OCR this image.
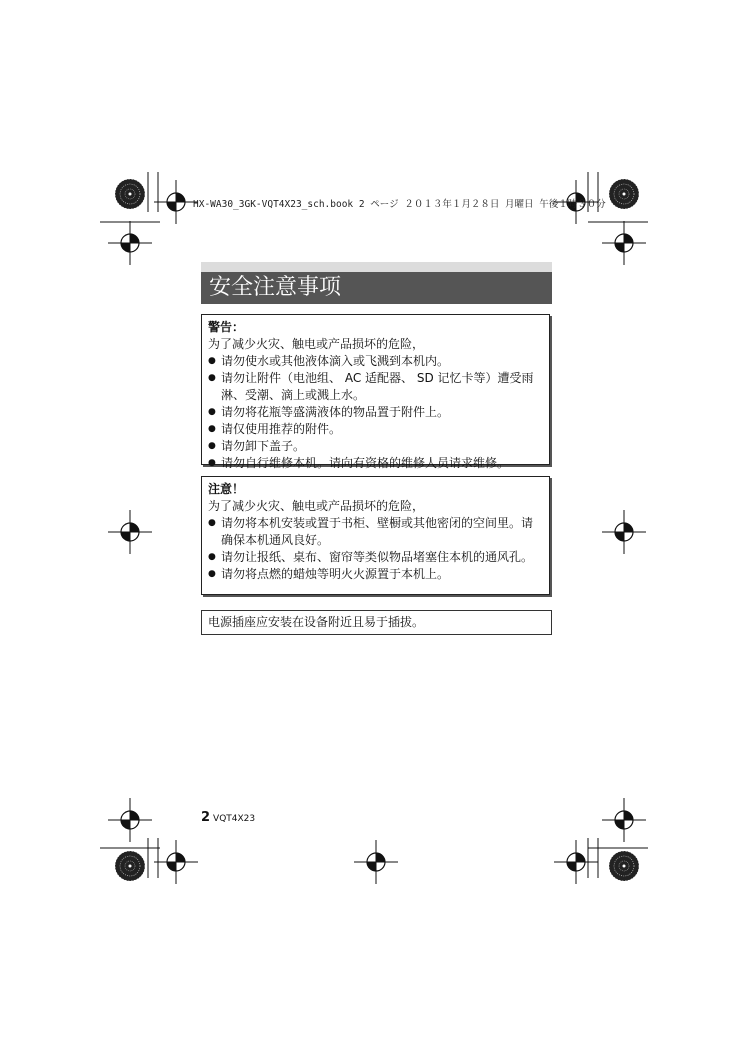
HX-WA30_3GK-VQT4X23_sch.book 2 ページ ２０１３年１月２８日 月曜日 午後１時３０分
安全注意事项
警告：
为了减少火灾、触电或产品损坏的危险，
● 请勿使水或其他液体滴入或飞溅到本机内。
● 请勿让附件（电池组、 AC 适配器、 SD 记忆卡等）遭受雨淋、受潮、滴上或溅上水。
● 请勿将花瓶等盛满液体的物品置于附件上。
● 请仅使用推荐的附件。
● 请勿卸下盖子。
● 请勿自行维修本机。请向有资格的维修人员请求维修。
注意！
为了减少火灾、触电或产品损坏的危险，
● 请勿将本机安装或置于书柜、壁橱或其他密闭的空间里。请确保本机通风良好。
● 请勿让报纸、桌布、窗帘等类似物品堵塞住本机的通风孔。
● 请勿将点燃的蜡烛等明火火源置于本机上。
电源插座应安装在设备附近且易于插拔。
2 VQT4X23
